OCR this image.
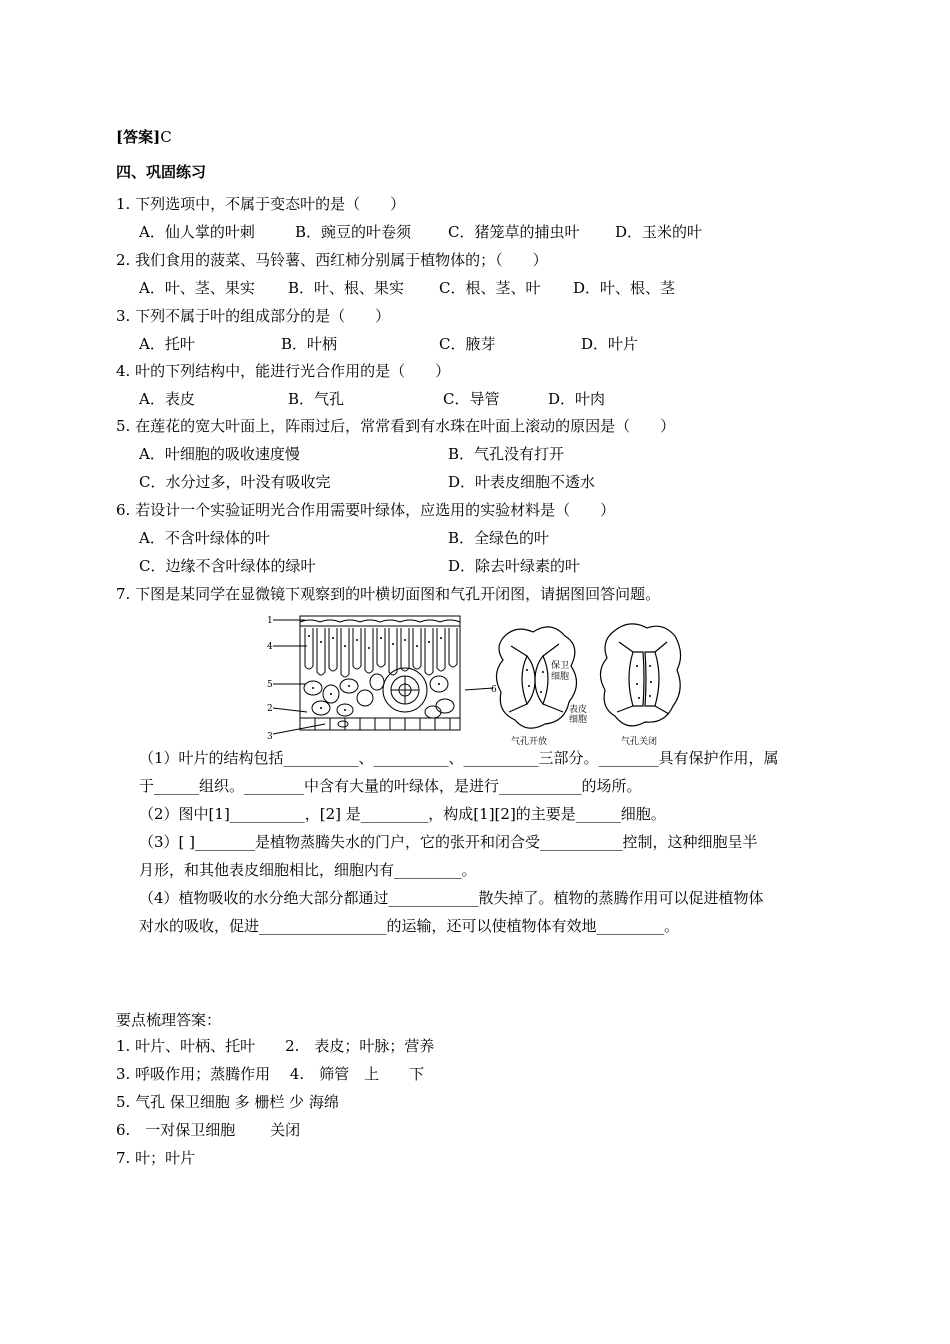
[答案]C
四、巩固练习
1. 下列选项中，不属于变态叶的是（　　）
A．仙人掌的叶刺	B．豌豆的叶卷须 C．猪笼草的捕虫叶 D．玉米的叶
2. 我们食用的菠菜、马铃薯、西红柿分别属于植物体的；（　　）
A．叶、茎、果实 B．叶、根、果实 C．根、茎、叶 D．叶、根、茎
3. 下列不属于叶的组成部分的是（　　）
A．托叶	B．叶柄	C．腋芽	D．叶片
4. 叶的下列结构中，能进行光合作用的是（　　）
A．表皮	B．气孔	C．导管	D．叶肉
5. 在莲花的宽大叶面上，阵雨过后，常常看到有水珠在叶面上滚动的原因是（　　）
A．叶细胞的吸收速度慢	B．气孔没有打开
C．水分过多，叶没有吸收完	D．叶表皮细胞不透水
6. 若设计一个实验证明光合作用需要叶绿体，应选用的实验材料是（　　）
A．不含叶绿体的叶	B．全绿色的叶
C．边缘不含叶绿体的绿叶	D．除去叶绿素的叶
7. 下图是某同学在显微镜下观察到的叶横切面图和气孔开闭图，请据图回答问题。
1
4
5
2
3
6
保卫
细胞
表皮
细胞
气孔开放	气孔关闭
（1）叶片的结构包括__________、__________、__________三部分。________具有保护作用，属
于______组织。________中含有大量的叶绿体，是进行___________的场所。
（2）图中[1]__________，[2] 是_________，构成[1][2]的主要是______细胞。
（3）[ ]________是植物蒸腾失水的门户，它的张开和闭合受___________控制，这种细胞呈半
月形，和其他表皮细胞相比，细胞内有_________。
（4）植物吸收的水分绝大部分都通过____________散失掉了。植物的蒸腾作用可以促进植物体
对水的吸收，促进_________________的运输，还可以使植物体有效地_________。
要点梳理答案：
1. 叶片、叶柄、托叶　　2.　表皮；叶脉；营养
3. 呼吸作用；蒸腾作用　 4.　筛管　上　　下
5. 气孔 保卫细胞 多 栅栏 少 海绵
6.　一对保卫细胞　　 关闭
7. 叶；叶片
